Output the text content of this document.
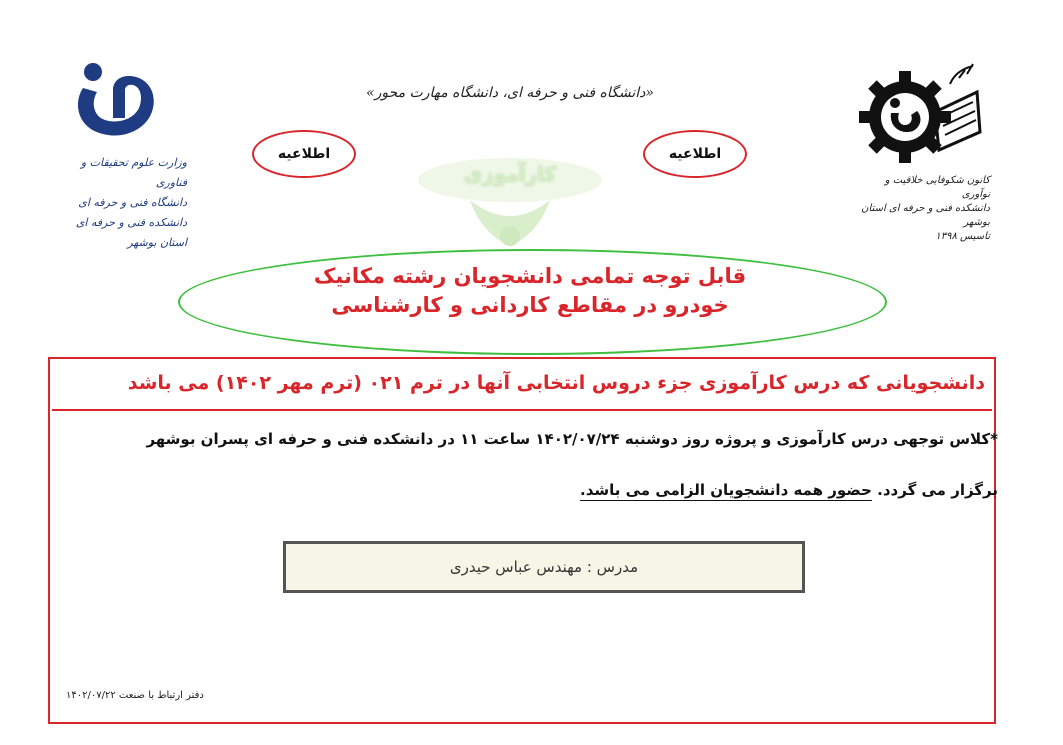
وزارت علوم تحقیقات و فناوری
دانشگاه فنی و حرفه ای
دانشکده فنی و حرفه ای استان بوشهر
«دانشگاه فنی و حرفه ای، دانشگاه مهارت محور»
کانون شکوفایی خلاقیت و نوآوری
دانشکده فنی و حرفه ای استان بوشهر
تاسیس ۱۳۹۸
اطلاعیه	اطلاعیه
کارآموزی
قابل توجه تمامی دانشجویان رشته مکانیک
خودرو در مقاطع کاردانی و کارشناسی
دانشجویانی که درس کارآموزی جزء دروس انتخابی آنها در ترم ۰۲۱ (ترم مهر ۱۴۰۲) می باشد
*کلاس توجهی درس کارآموزی و پروژه روز دوشنبه ۱۴۰۲/۰۷/۲۴ ساعت ۱۱ در دانشکده فنی و حرفه ای پسران بوشهر
برگزار می گردد. حضور همه دانشجویان الزامی می باشد.
مدرس : مهندس عباس حیدری
دفتر ارتباط با صنعت ۱۴۰۲/۰۷/۲۲
